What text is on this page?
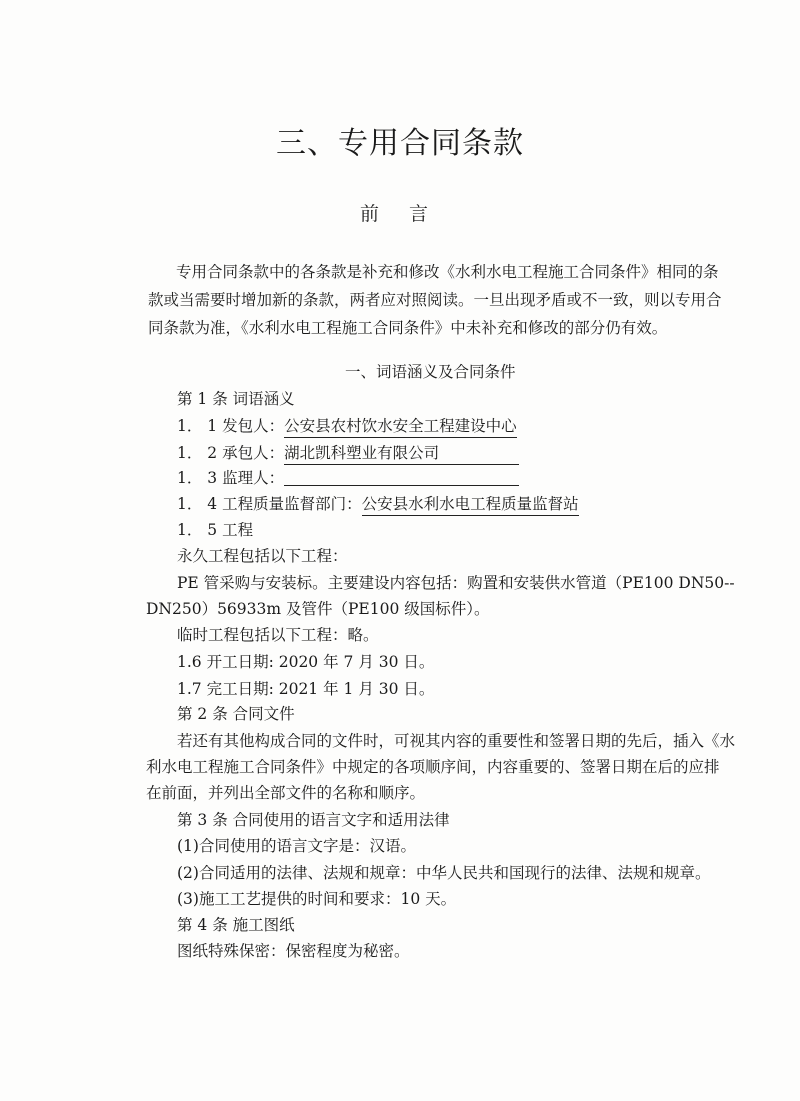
三、专用合同条款
前 言
专用合同条款中的各条款是补充和修改《水利水电工程施工合同条件》相同的条
款或当需要时增加新的条款，两者应对照阅读。一旦出现矛盾或不一致，则以专用合
同条款为准，《水利水电工程施工合同条件》中未补充和修改的部分仍有效。
一、词语涵义及合同条件
第 1 条 词语涵义
1． 1 发包人：公安县农村饮水安全工程建设中心
1． 2 承包人：湖北凯科塑业有限公司
1． 3 监理人：
1． 4 工程质量监督部门：公安县水利水电工程质量监督站
1． 5 工程
永久工程包括以下工程：
PE 管采购与安装标。主要建设内容包括：购置和安装供水管道（PE100 DN50--
DN250）56933m 及管件（PE100 级国标件）。
临时工程包括以下工程：略。
1.6 开工日期: 2020 年 7 月 30 日。
1.7 完工日期: 2021 年 1 月 30 日。
第 2 条 合同文件
若还有其他构成合同的文件时，可视其内容的重要性和签署日期的先后，插入《水
利水电工程施工合同条件》中规定的各项顺序间，内容重要的、签署日期在后的应排
在前面，并列出全部文件的名称和顺序。
第 3 条 合同使用的语言文字和适用法律
(1)合同使用的语言文字是：汉语。
(2)合同适用的法律、法规和规章：中华人民共和国现行的法律、法规和规章。
(3)施工工艺提供的时间和要求：10 天。
第 4 条 施工图纸
图纸特殊保密：保密程度为秘密。
